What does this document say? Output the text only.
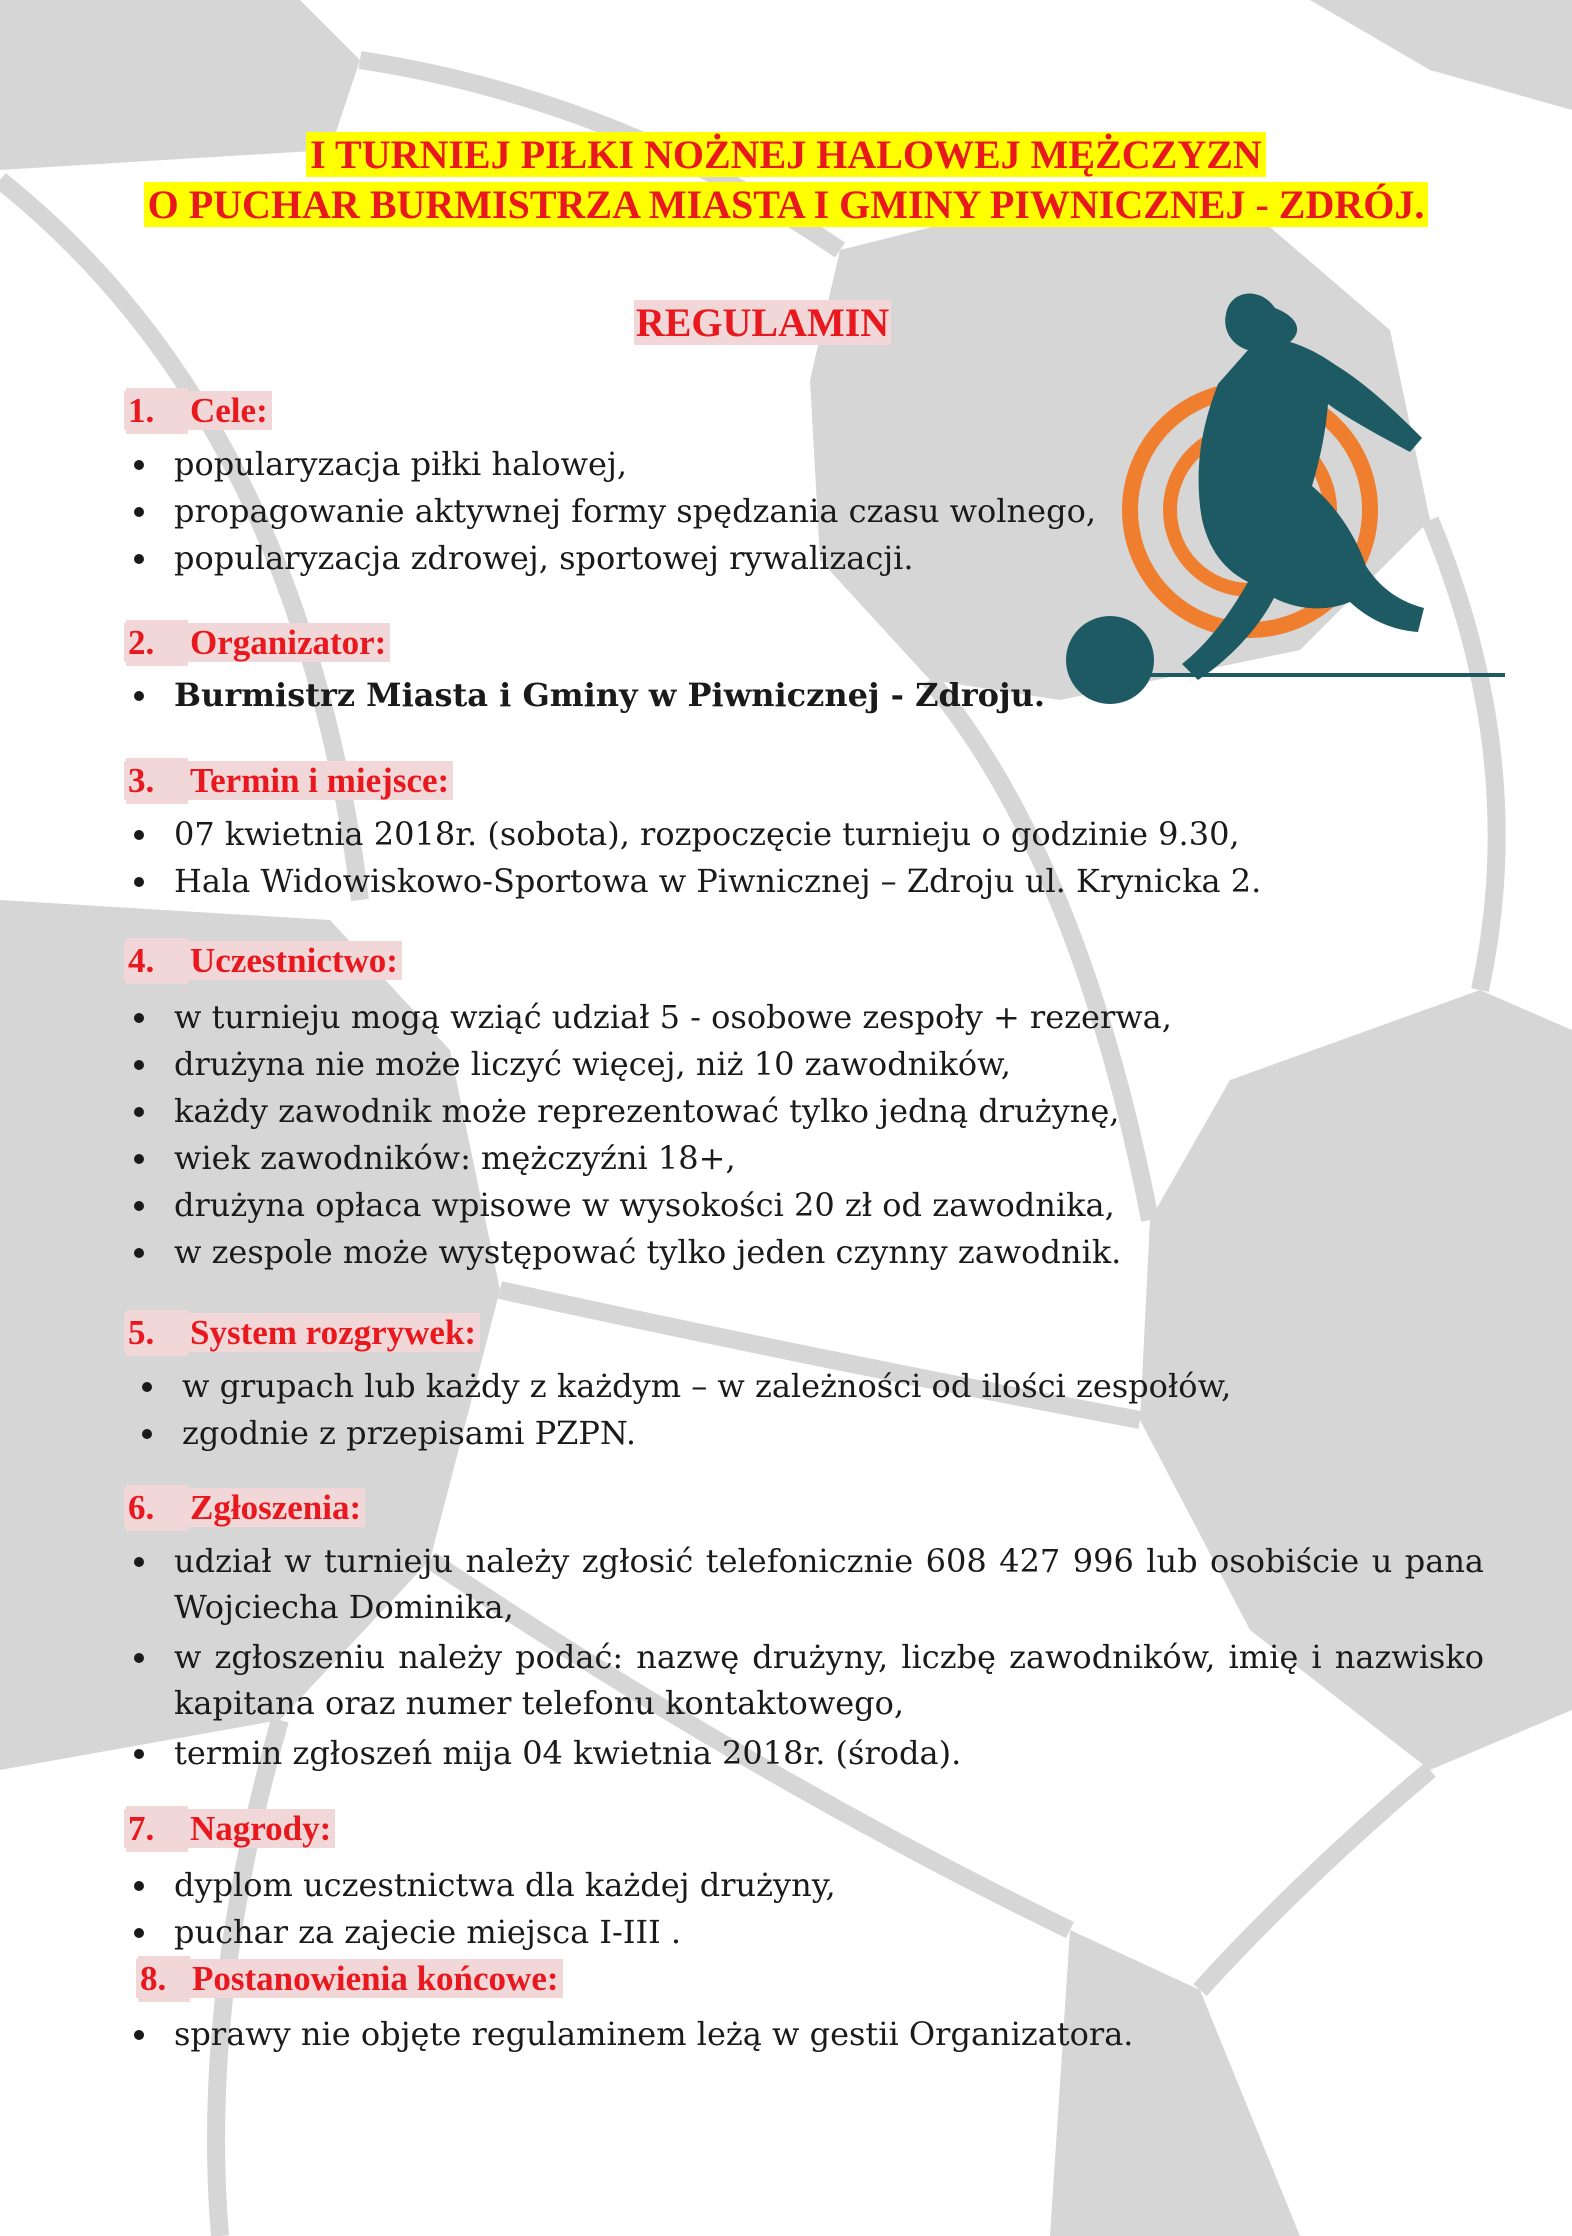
I TURNIEJ PIŁKI NOŻNEJ HALOWEJ MĘŻCZYZN
O PUCHAR BURMISTRZA MIASTA I GMINY PIWNICZNEJ - ZDRÓJ.
REGULAMIN
1. Cele:
popularyzacja piłki halowej,
propagowanie aktywnej formy spędzania czasu wolnego,
popularyzacja zdrowej, sportowej rywalizacji.
2. Organizator:
Burmistrz Miasta i Gminy w Piwnicznej - Zdroju.
3. Termin i miejsce:
07 kwietnia 2018r. (sobota), rozpoczęcie turnieju o godzinie 9.30,
Hala Widowiskowo-Sportowa w Piwnicznej – Zdroju ul. Krynicka 2.
4. Uczestnictwo:
w turnieju mogą wziąć udział 5 - osobowe zespoły + rezerwa,
drużyna nie może liczyć więcej, niż 10 zawodników,
każdy zawodnik może reprezentować tylko jedną drużynę,
wiek zawodników: mężczyźni 18+,
drużyna opłaca wpisowe w wysokości 20 zł od zawodnika,
w zespole może występować tylko jeden czynny zawodnik.
5. System rozgrywek:
w grupach lub każdy z każdym – w zależności od ilości zespołów,
zgodnie z przepisami PZPN.
6. Zgłoszenia:
udział w turnieju należy zgłosić telefonicznie 608 427 996 lub osobiście u pana Wojciecha Dominika,
w zgłoszeniu należy podać: nazwę drużyny, liczbę zawodników, imię i nazwisko kapitana oraz numer telefonu kontaktowego,
termin zgłoszeń mija 04 kwietnia 2018r. (środa).
7. Nagrody:
dyplom uczestnictwa dla każdej drużyny,
puchar za zajecie miejsca I-III .
8. Postanowienia końcowe:
sprawy nie objęte regulaminem leżą w gestii Organizatora.
